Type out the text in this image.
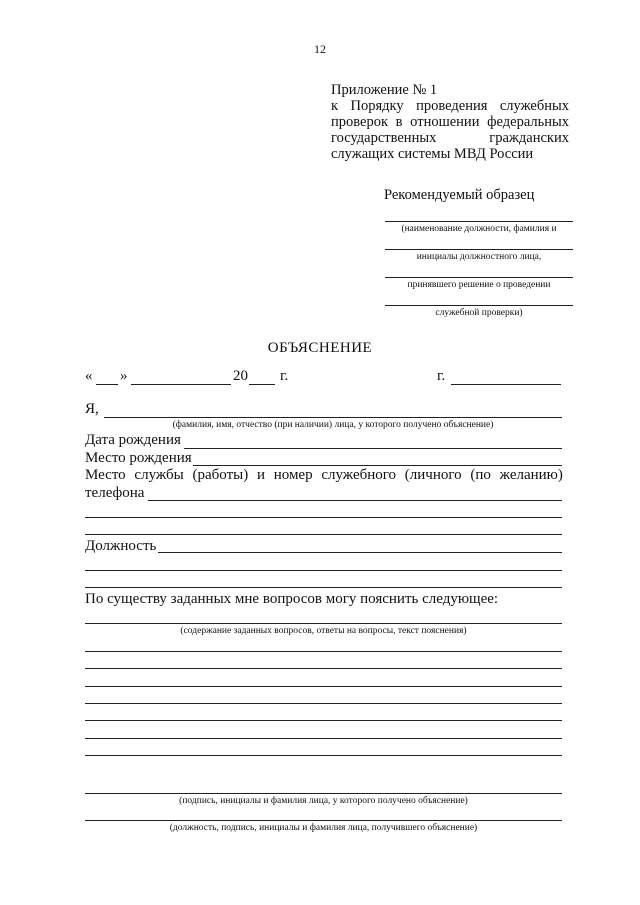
12
Приложение № 1
к Порядку проведения служебных
проверок в отношении федеральных
государственных гражданских
служащих системы МВД России
Рекомендуемый образец
(наименование должности, фамилия и
инициалы должностного лица,
принявшего решение о проведении
служебной проверки)
ОБЪЯСНЕНИЕ
« »	20 г.	г.
Я,
(фамилия, имя, отчество (при наличии) лица, у которого получено объяснение)
Дата рождения
Место рождения
Место службы (работы) и номер служебного (личного (по желанию)
телефона
Должность
По существу заданных мне вопросов могу пояснить следующее:
(содержание заданных вопросов, ответы на вопросы, текст пояснения)
(подпись, инициалы и фамилия лица, у которого получено объяснение)
(должность, подпись, инициалы и фамилия лица, получившего объяснение)
